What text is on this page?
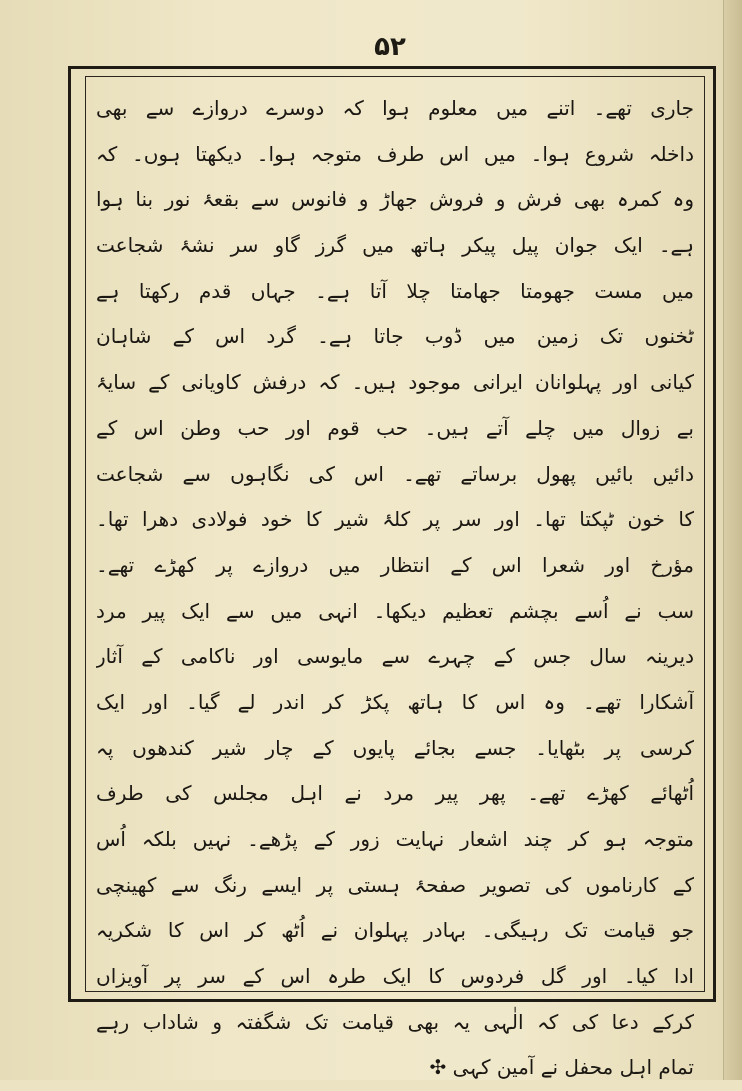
۵۲
جاری تھے۔ اتنے میں معلوم ہوا کہ دوسرے دروازے سے بھی
داخلہ شروع ہوا۔ میں اس طرف متوجہ ہوا۔ دیکھتا ہوں۔ کہ
وہ کمرہ بھی فرش و فروش جھاڑ و فانوس سے بقعۂ نور بنا ہوا
ہے۔ ایک جوان پیل پیکر ہاتھ میں گرز گاو سر نشۂ شجاعت
میں مست جھومتا جھامتا چلا آتا ہے۔ جہاں قدم رکھتا ہے
ٹخنوں تک زمین میں ڈوب جاتا ہے۔ گرد اس کے شاہان
کیانی اور پہلوانان ایرانی موجود ہیں۔ کہ درفش کاویانی کے سایۂ
بے زوال میں چلے آتے ہیں۔ حب قوم اور حب وطن اس کے
دائیں بائیں پھول برساتے تھے۔ اس کی نگاہوں سے شجاعت
کا خون ٹپکتا تھا۔ اور سر پر کلۂ شیر کا خود فولادی دھرا تھا۔
مؤرخ اور شعرا اس کے انتظار میں دروازے پر کھڑے تھے۔
سب نے اُسے بچشم تعظیم دیکھا۔ انہی میں سے ایک پیر مرد
دیرینہ سال جس کے چہرے سے مایوسی اور ناکامی کے آثار
آشکارا تھے۔ وہ اس کا ہاتھ پکڑ کر اندر لے گیا۔ اور ایک
کرسی پر بٹھایا۔ جسے بجائے پایوں کے چار شیر کندھوں پہ
اُٹھائے کھڑے تھے۔ پھر پیر مرد نے اہل مجلس کی طرف
متوجہ ہو کر چند اشعار نہایت زور کے پڑھے۔ نہیں بلکہ اُس
کے کارناموں کی تصویر صفحۂ ہستی پر ایسے رنگ سے کھینچی
جو قیامت تک رہیگی۔ بہادر پہلوان نے اُٹھ کر اس کا شکریہ
ادا کیا۔ اور گل فردوس کا ایک طرہ اس کے سر پر آویزاں
کرکے دعا کی کہ الٰہی یہ بھی قیامت تک شگفتہ و شاداب رہے
تمام اہل محفل نے آمین کہی ✣
